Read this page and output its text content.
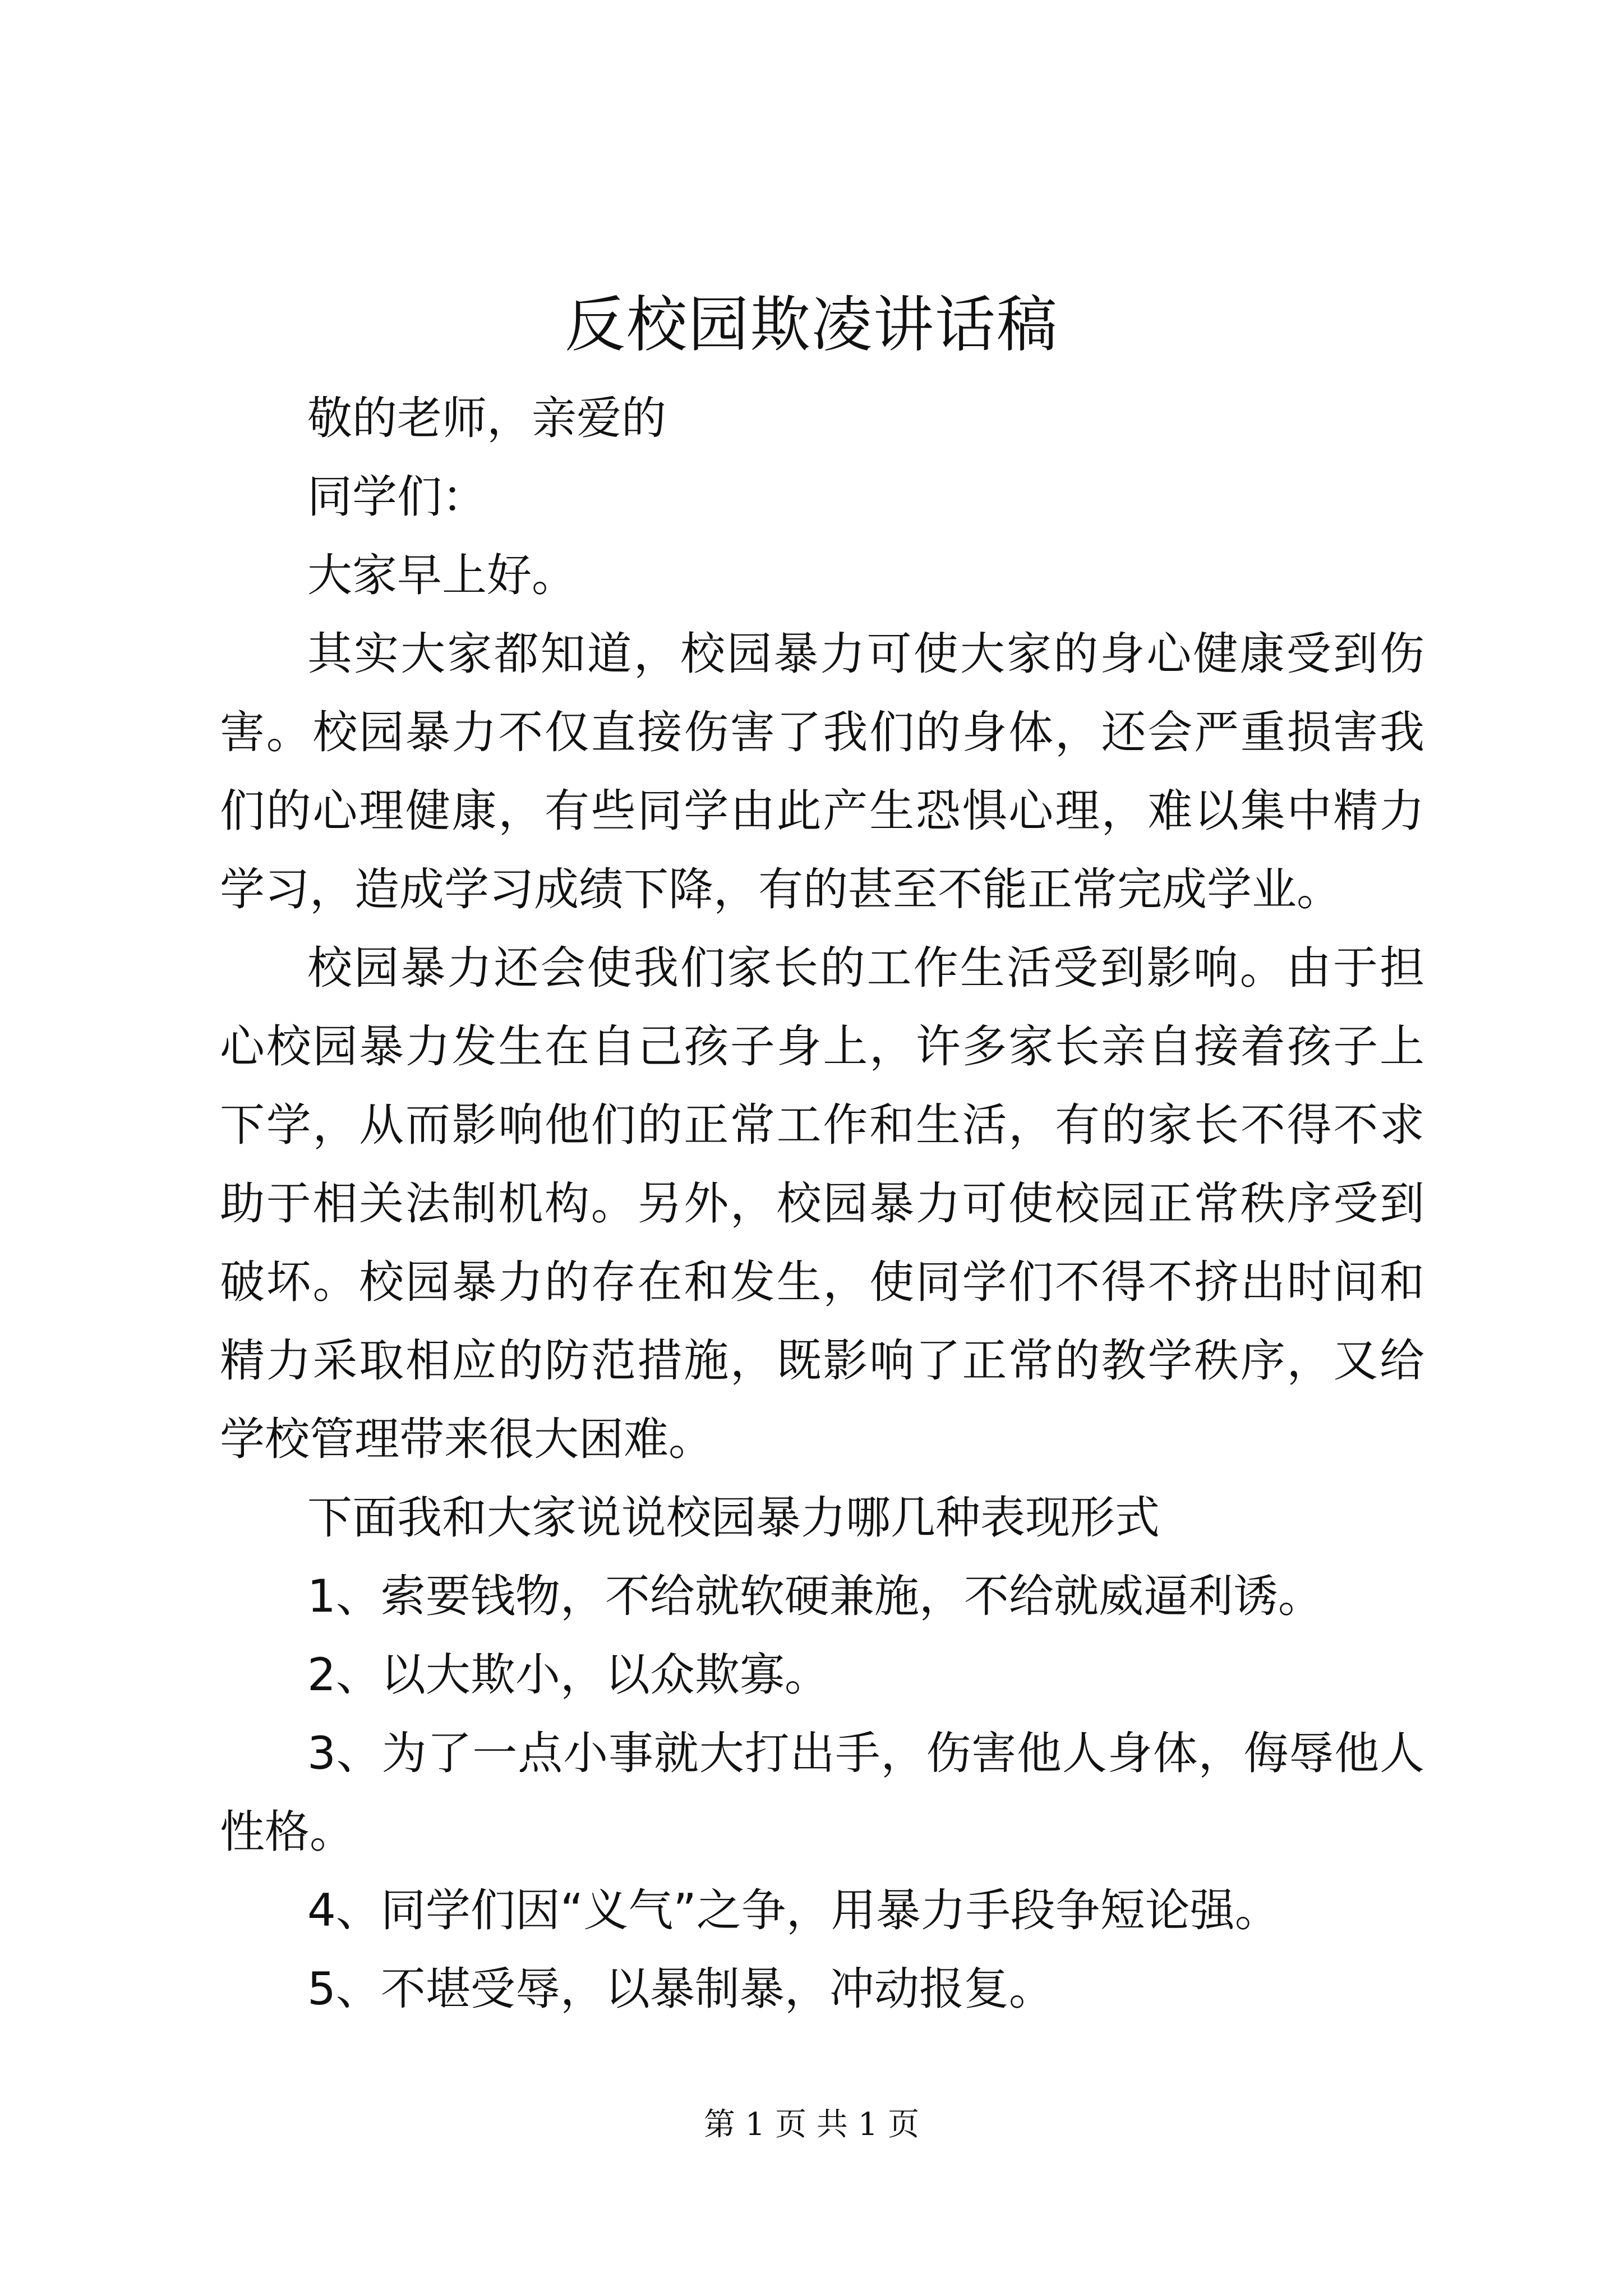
反校园欺凌讲话稿

敬的老师，亲爱的

同学们：

大家早上好。

其实大家都知道，校园暴力可使大家的身心健康受到伤害。校园暴力不仅直接伤害了我们的身体，还会严重损害我们的心理健康，有些同学由此产生恐惧心理，难以集中精力学习，造成学习成绩下降，有的甚至不能正常完成学业。

校园暴力还会使我们家长的工作生活受到影响。由于担心校园暴力发生在自己孩子身上，许多家长亲自接着孩子上下学，从而影响他们的正常工作和生活，有的家长不得不求助于相关法制机构。另外，校园暴力可使校园正常秩序受到破坏。校园暴力的存在和发生，使同学们不得不挤出时间和精力采取相应的防范措施，既影响了正常的教学秩序，又给学校管理带来很大困难。

下面我和大家说说校园暴力哪几种表现形式

1、索要钱物，不给就软硬兼施，不给就威逼利诱。

2、以大欺小，以众欺寡。

3、为了一点小事就大打出手，伤害他人身体，侮辱他人性格。

4、同学们因“义气”之争，用暴力手段争短论强。

5、不堪受辱，以暴制暴，冲动报复。

第 1 页 共 1 页
